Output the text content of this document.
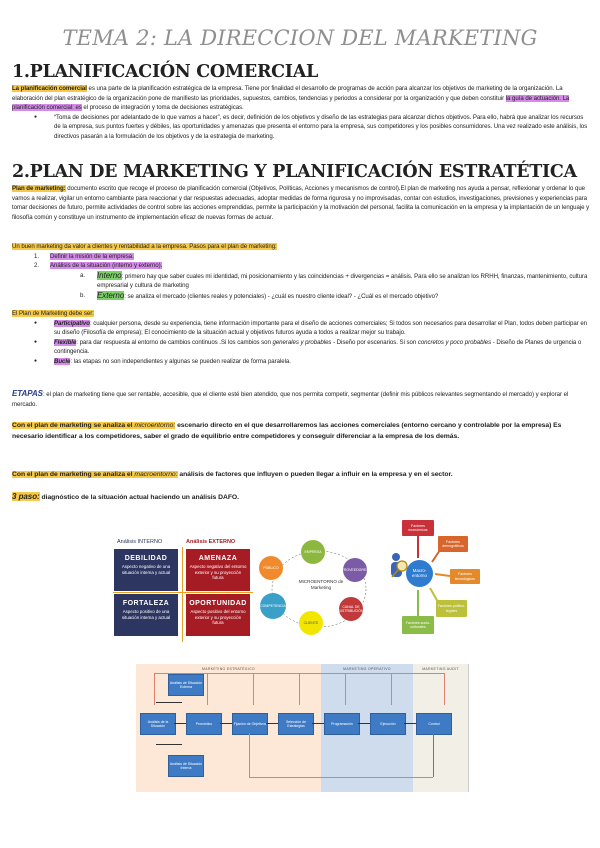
TEMA 2: LA DIRECCION DEL MARKETING
1.PLANIFICACIÓN COMERCIAL
La planificación comercial es una parte de la planificación estratégica de la empresa. Tiene por finalidad el desarrollo de programas de acción para alcanzar los objetivos de marketing de la organización. La elaboración del plan estratégico de la organización pone de manifiesto las prioridades, supuestos, cambios, tendencias y periodos a considerar por la organización y que deben constituir la guía de actuación. La planificación comercial: es el proceso de integración y toma de decisiones estratégicas.
● “Toma de decisiones por adelantado de lo que vamos a hacer”, es decir, definición de los objetivos y diseño de las estrategias para alcanzar dichos objetivos. Para ello, habrá que analizar los recursos de la empresa, sus puntos fuertes y débiles, las oportunidades y amenazas que presenta el entorno para la empresa, sus competidores y los posibles consumidores. Una vez realizado este análisis, los directivos pasarán a la formulación de los objetivos y de la estrategia de marketing.
2.PLAN DE MARKETING Y PLANIFICACIÓN ESTRATÉTICA
Plan de marketing: documento escrito que recoge el proceso de planificación comercial (Objetivos, Políticas, Acciones y mecanismos de control).El plan de marketing nos ayuda a pensar, reflexionar y ordenar lo que vamos a realizar, vigilar un entorno cambiante para reaccionar y dar respuestas adecuadas, adoptar medidas de forma rigurosa y no improvisadas, contar con estudios, investigaciones, previsiones y experiencias para tomar decisiones de futuro, permite actividades de control sobre las acciones emprendidas, permite la participación y la motivación del personal, facilita la comunicación en la empresa y la implantación de un lenguaje y filosofía común y constituye un instrumento de implementación eficaz de nuevas formas de actuar.
Un buen marketing da valor a clientes y rentabilidad a la empresa. Pasos para el plan de marketing:
1. Definir la misión de la empresa.
2. Análisis de la situación (interno y externo).
a. Interno: primero hay que saber cuales mi identidad, mi posicionamiento y las coincidencias + divergencias = análisis. Para ello se analizan los RRHH, finanzas, mantenimiento, cultura empresarial y cultura de marketing
b. Externo: se analiza el mercado (clientes reales y potenciales) - ¿cuál es nuestro cliente ideal? - ¿Cuál es el mercado objetivo?
El Plan de Marketing debe ser:
● Participativo: cualquier persona, desde su experiencia, tiene información importante para el diseño de acciones comerciales; Si todos son necesarios para desarrollar el Plan, todos deben participar en su diseño (Filosofía de empresa); El conocimiento de la situación actual y objetivos futuros ayuda a todos a realizar mejor su trabajo.
● Flexible: para dar respuesta al entorno de cambios continuos .Si los cambios son generales y probables - Diseño por escenarios. Si son concretos y poco probables - Diseño de Planes de urgencia o contingencia.
● Bucle: las etapas no son independientes y algunas se pueden realizar de forma paralela.
ETAPAS: el plan de marketing tiene que ser rentable, accesible, que el cliente esté bien atendido, que nos permita competir, segmentar (definir mis públicos relevantes segmentando el mercado) y explorar el mercado.
Con el plan de marketing se analiza el microentorno: escenario directo en el que desarrollaremos las acciones comerciales (entorno cercano y controlable por la empresa) Es necesario identificar a los competidores, saber el grado de equilibrio entre competidores y conseguir diferenciar a la empresa de los demás.
Con el plan de marketing se analiza el macroentorno: análisis de factores que influyen o pueden llegar a influir en la empresa y en el sector.
3 paso: diagnóstico de la situación actual haciendo un análisis DAFO.
Análisis INTERNO	Análisis EXTERNO
DEBILIDAD
Aspecto negativo de una situación interna y actual
AMENAZA
Aspecto negativo del entorno exterior y su proyección futura
FORTALEZA
Aspecto positivo de una situación interna y actual
OPORTUNIDAD
Aspecto positivo del entorno exterior y su proyección futura
EMPRESA
PROVEEDORES
CANAL DE DISTRIBUCIÓN
CLIENTE
COMPETENCIA
PÚBLICO
MICROENTORNO de Marketing
Factores económicos
Factores demográficos
Factores tecnológicos
Factores político-legales
Factores socio-culturales
Macro-entorno
MARKETING ESTRATÉGICO	MARKETING OPERATIVO	MARKETING AUDIT
Análisis de Situación Externa
Análisis de la Situación
Análisis de Situación Interna
Pronóstico	Fijación de Objetivos
Selección de Estrategias
Programación	Ejecución	Control
